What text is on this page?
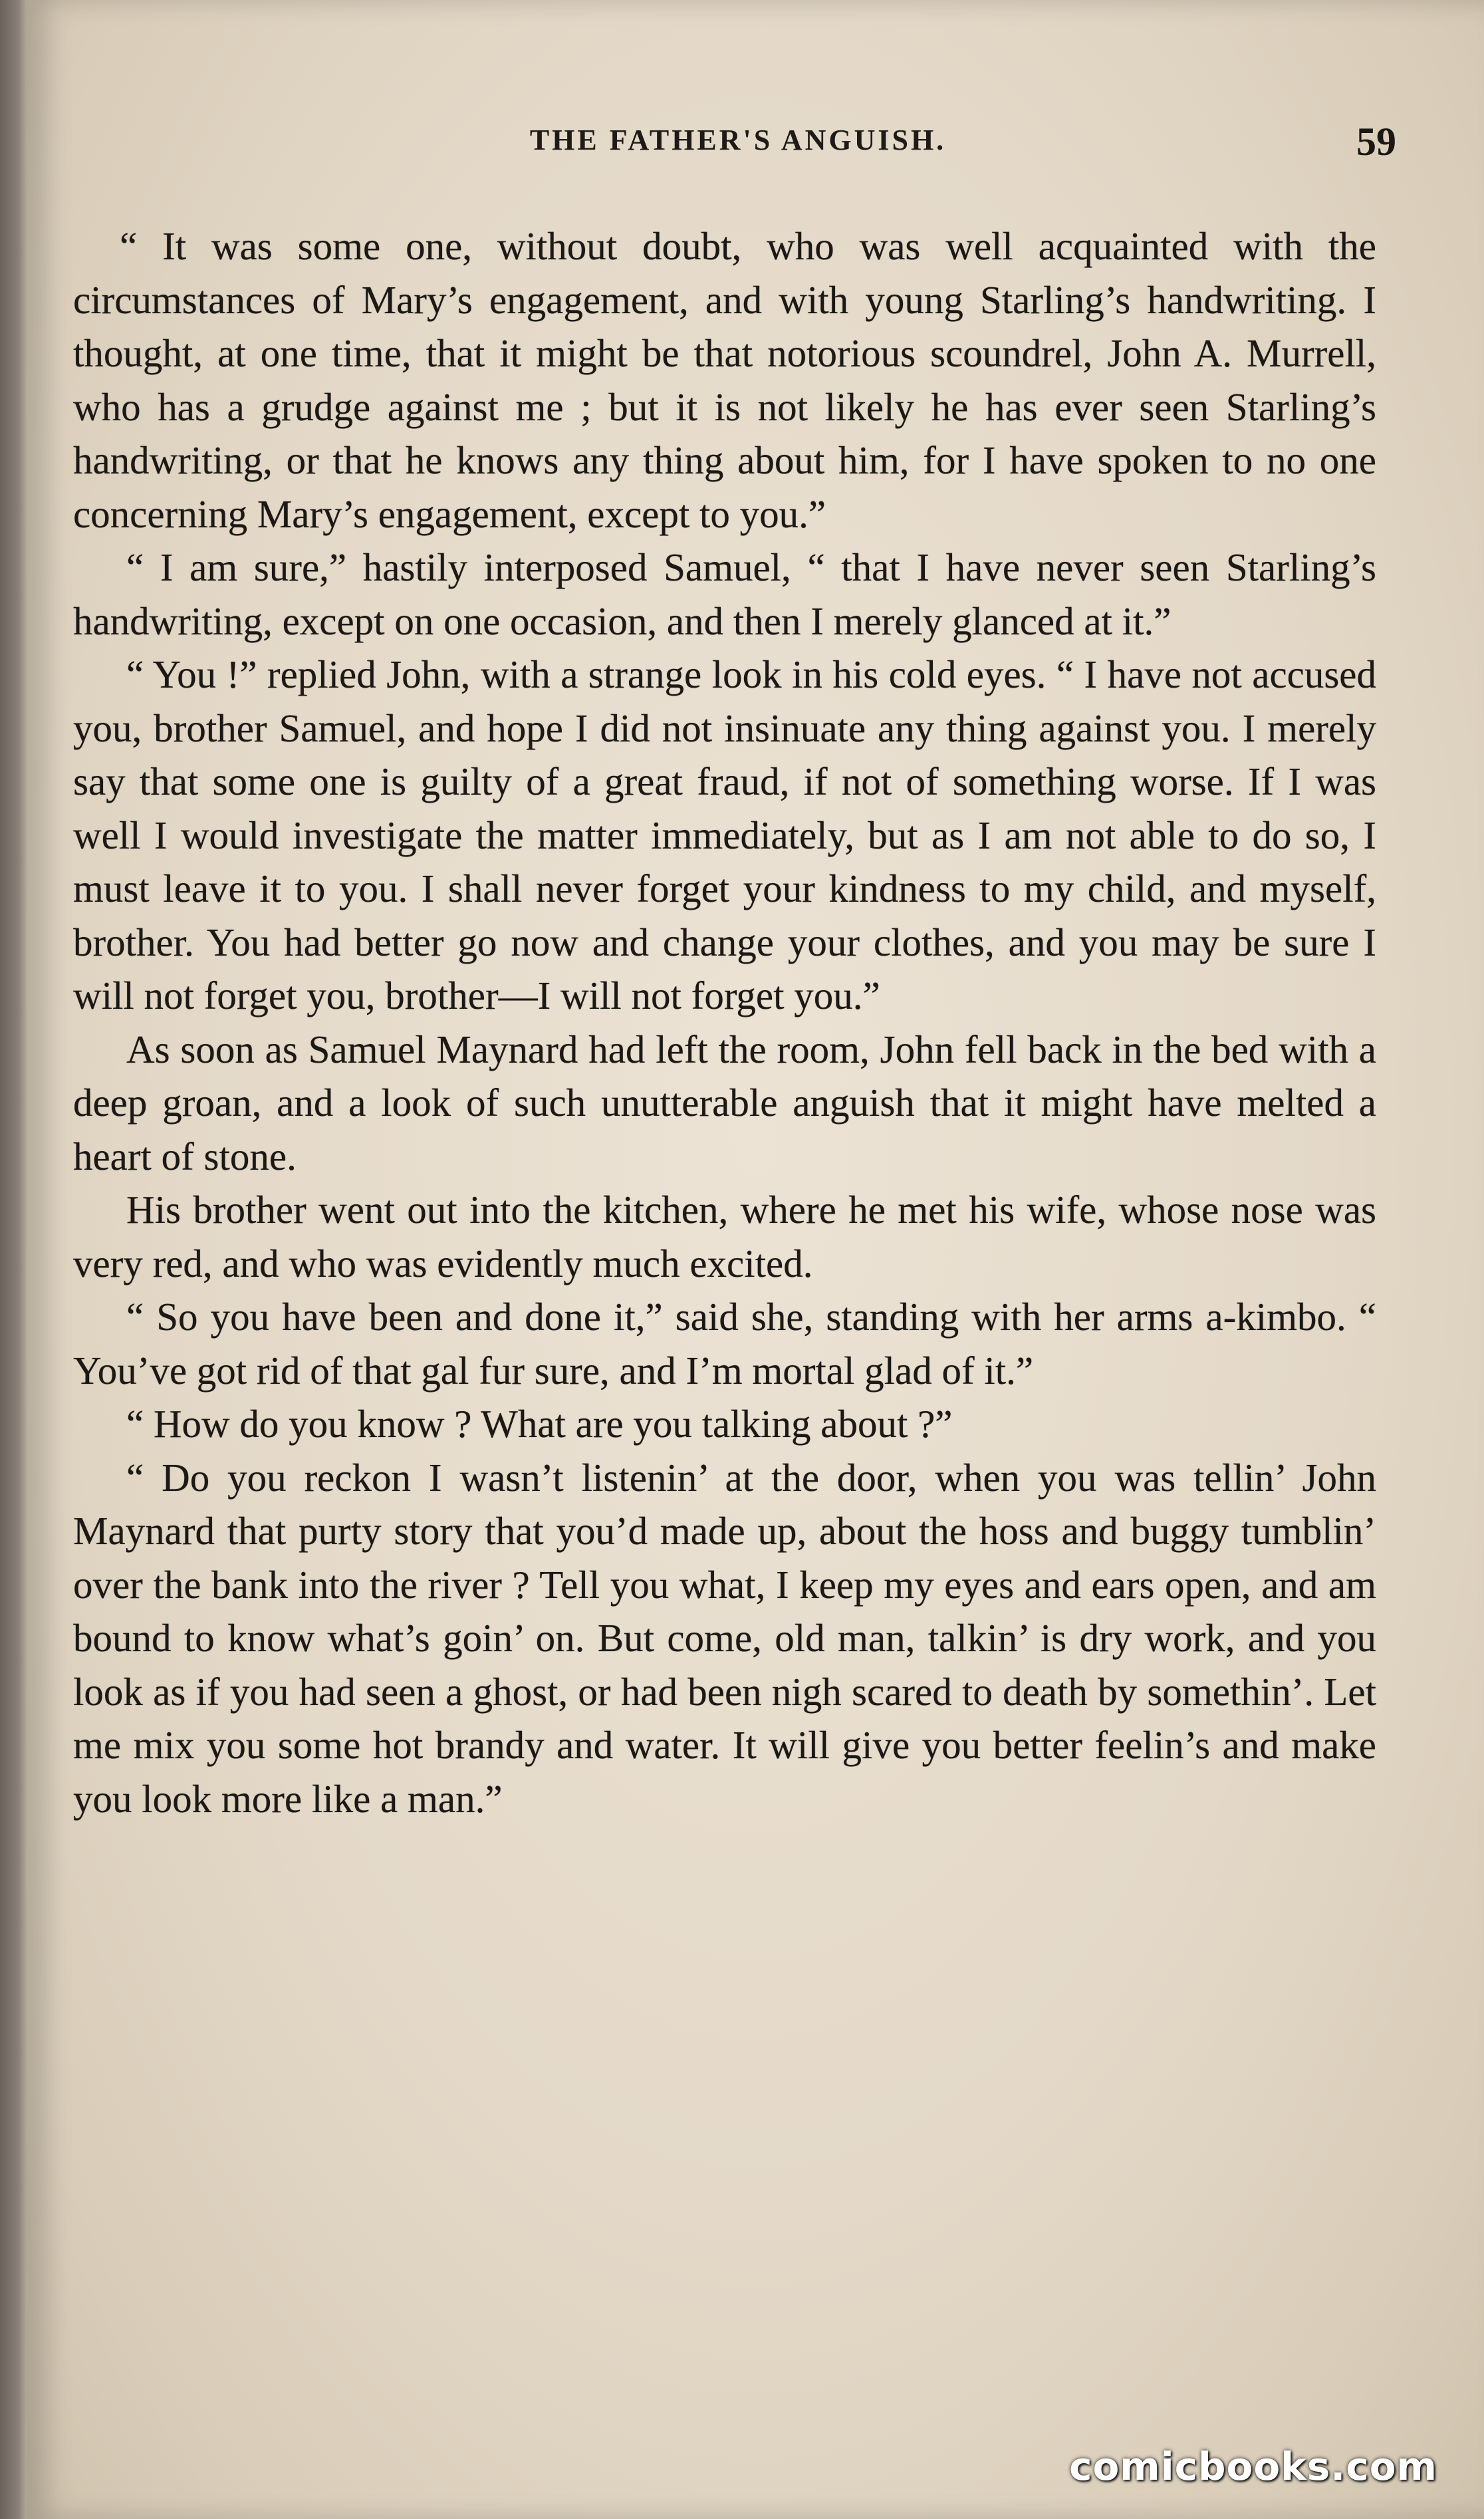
THE FATHER'S ANGUISH.	59

“ It was some one, without doubt, who was well acquainted with the circumstances of Mary’s engagement, and with young Starling’s handwriting. I thought, at one time, that it might be that notorious scoundrel, John A. Murrell, who has a grudge against me ; but it is not likely he has ever seen Starling’s handwriting, or that he knows any thing about him, for I have spoken to no one concerning Mary’s engagement, except to you.”

“ I am sure,” hastily interposed Samuel, “ that I have never seen Starling’s handwriting, except on one occasion, and then I merely glanced at it.”

“ You !” replied John, with a strange look in his cold eyes. “ I have not accused you, brother Samuel, and hope I did not insinuate any thing against you. I merely say that some one is guilty of a great fraud, if not of something worse. If I was well I would investigate the matter immediately, but as I am not able to do so, I must leave it to you. I shall never forget your kindness to my child, and myself, brother. You had better go now and change your clothes, and you may be sure I will not forget you, brother—I will not forget you.”

As soon as Samuel Maynard had left the room, John fell back in the bed with a deep groan, and a look of such unutterable anguish that it might have melted a heart of stone.

His brother went out into the kitchen, where he met his wife, whose nose was very red, and who was evidently much excited.

“ So you have been and done it,” said she, standing with her arms a-kimbo. “ You’ve got rid of that gal fur sure, and I’m mortal glad of it.”

“ How do you know ? What are you talking about ?”

“ Do you reckon I wasn’t listenin’ at the door, when you was tellin’ John Maynard that purty story that you’d made up, about the hoss and buggy tumblin’ over the bank into the river ? Tell you what, I keep my eyes and ears open, and am bound to know what’s goin’ on. But come, old man, talkin’ is dry work, and you look as if you had seen a ghost, or had been nigh scared to death by somethin’. Let me mix you some hot brandy and water. It will give you better feelin’s and make you look more like a man.”

comicbooks.com
